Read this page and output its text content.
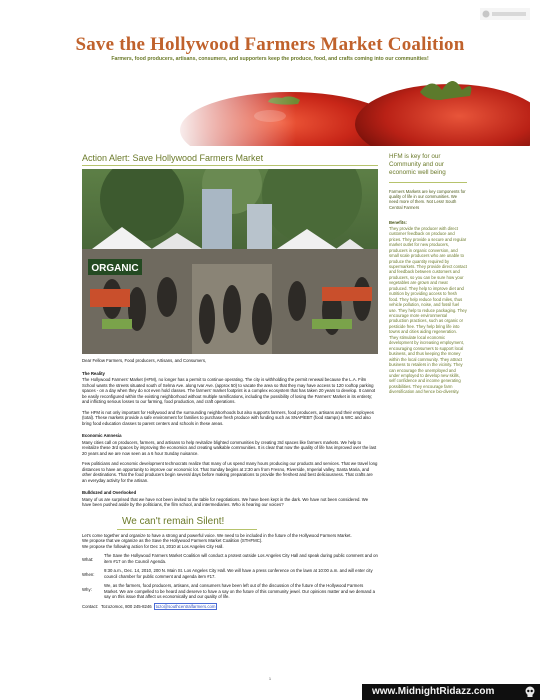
Save the Hollywood Farmers Market Coalition
Farmers, food producers, artisans, consumers, and supporters keep the produce, food, and crafts coming into our communities!
Action Alert: Save Hollywood Farmers Market
ORGANIC
Dear Fellow Farmers, Food producers, Artisans, and Consumers,
The Reality
The Hollywood Farmers' Market (HFM), no longer has a permit to continue operating. The city is withholding the permit renewal because the L.A. Film School wants the streets situated south of Selma Ave. along Ivar Ave. (approx 50) to vacate the area so that they may have access to 120 rooftop parking spaces - on a day when they do not even hold classes. The farmers' market footprint is a complex ecosystem that has taken 20 years to develop. It cannot be easily reconfigured within the existing neighborhood without multiple ramifications, including the possibility of losing the Farmers' Market in its entirety; and inflicting serious losses to our farming, food production, and craft operations.
The HFM is not only important for Hollywood and the surrounding neighborhoods but also supports farmers, food producers, artisans and their employees (total). These markets provide a safe environment for families to purchase fresh produce with funding such as SNAP/EBT (food stamps) & WIC and also bring food education classes to parent centers and schools in these areas.
Economic Amnesia
Many cities call on producers, farmers, and artisans to help revitalize blighted communities by creating 3rd spaces like farmers markets. We help to revitalize these 3rd spaces by improving the economics and creating walkable communities. It is clear that now the quality of life has improved over the last 20 years and we are now seen as a 6 hour Sunday nuisance.
Few politicians and economic development technocrats realize that many of us spend many hours producing our products and services. That we travel long distances to have an opportunity to improve our economic lot. That Sunday begins at 2:30 am from Fresno, Riverside, Imperial valley, Santa Maria, and other destinations. That the food producers begin several days before making preparations to provide the freshest and best deliciousness. That crafts are an everyday activity for the artisan.
Bulldozed and Overlooked
Many of us are surprised that we have not been invited to the table for negotiations. We have been kept in the dark. We have not been considered. We have been pushed aside by the politicians, the film school, and intermediaries. Who is hearing our voices?
We can't remain Silent!
Let's come together and organize to have a strong and powerful voice. We need to be included in the future of the Hollywood Farmers Market.
We propose that we organize as the Save the Hollywood Farmers Market Coalition (STHFMC).
We propose the following action for Dec 14, 2010 at Los Angeles City Hall.
What:
The Save the Hollywood Farmers Market Coalition will conduct a protest outside Los Angeles City Hall and speak during public comment and on item #17 on the Council Agenda.
When:
9:30 a.m., Dec. 14, 2010, 200 N. Main St. Los Angeles City Hall. We will have a press conference on the lawn at 10:00 a.m. and will enter city council chamber for public comment and agenda item #17.
Why:
We, as the farmers, food producers, artisans, and consumers have been left out of the discussion of the future of the Hollywood Farmers Market. We are compelled to be heard and deserve to have a say on the future of this community jewel. Our opinions matter and we demand a say on this issue that affect us economically and our quality of life.
Contact: Tozozomoc, 800 245-8246 tozo@southcentralfarmers.com
HFM is key for our Community and our economic well being
Farmers Markets are key components for quality of life in our communities. We need more of them. Not Less! South Central Farmers
Benefits:
They provide the producer with direct customer feedback on produce and prices. They provide a secure and regular market outlet for new producers, producers in organic conversion, and small scale producers who are unable to produce the quantity required by supermarkets. They provide direct contact and feedback between customers and producers, so you can be sure how your vegetables are grown and meat produced. They help to improve diet and nutrition by providing access to fresh food. They help reduce food miles, thus vehicle pollution, noise, and fossil fuel use. They help to reduce packaging. They encourage more environmental production practices, such as organic or pesticide free. They help bring life into towns and cities aiding regeneration. They stimulate local economic development by increasing employment, encouraging consumers to support local business, and thus keeping the money within the local community. They attract business to retailers in the vicinity. They can encourage the unemployed and under employed to develop new skills, self confidence and income generating possibilities. They encourage farm diversification and hence bio-diversity.
1
www.MidnightRidazz.com
